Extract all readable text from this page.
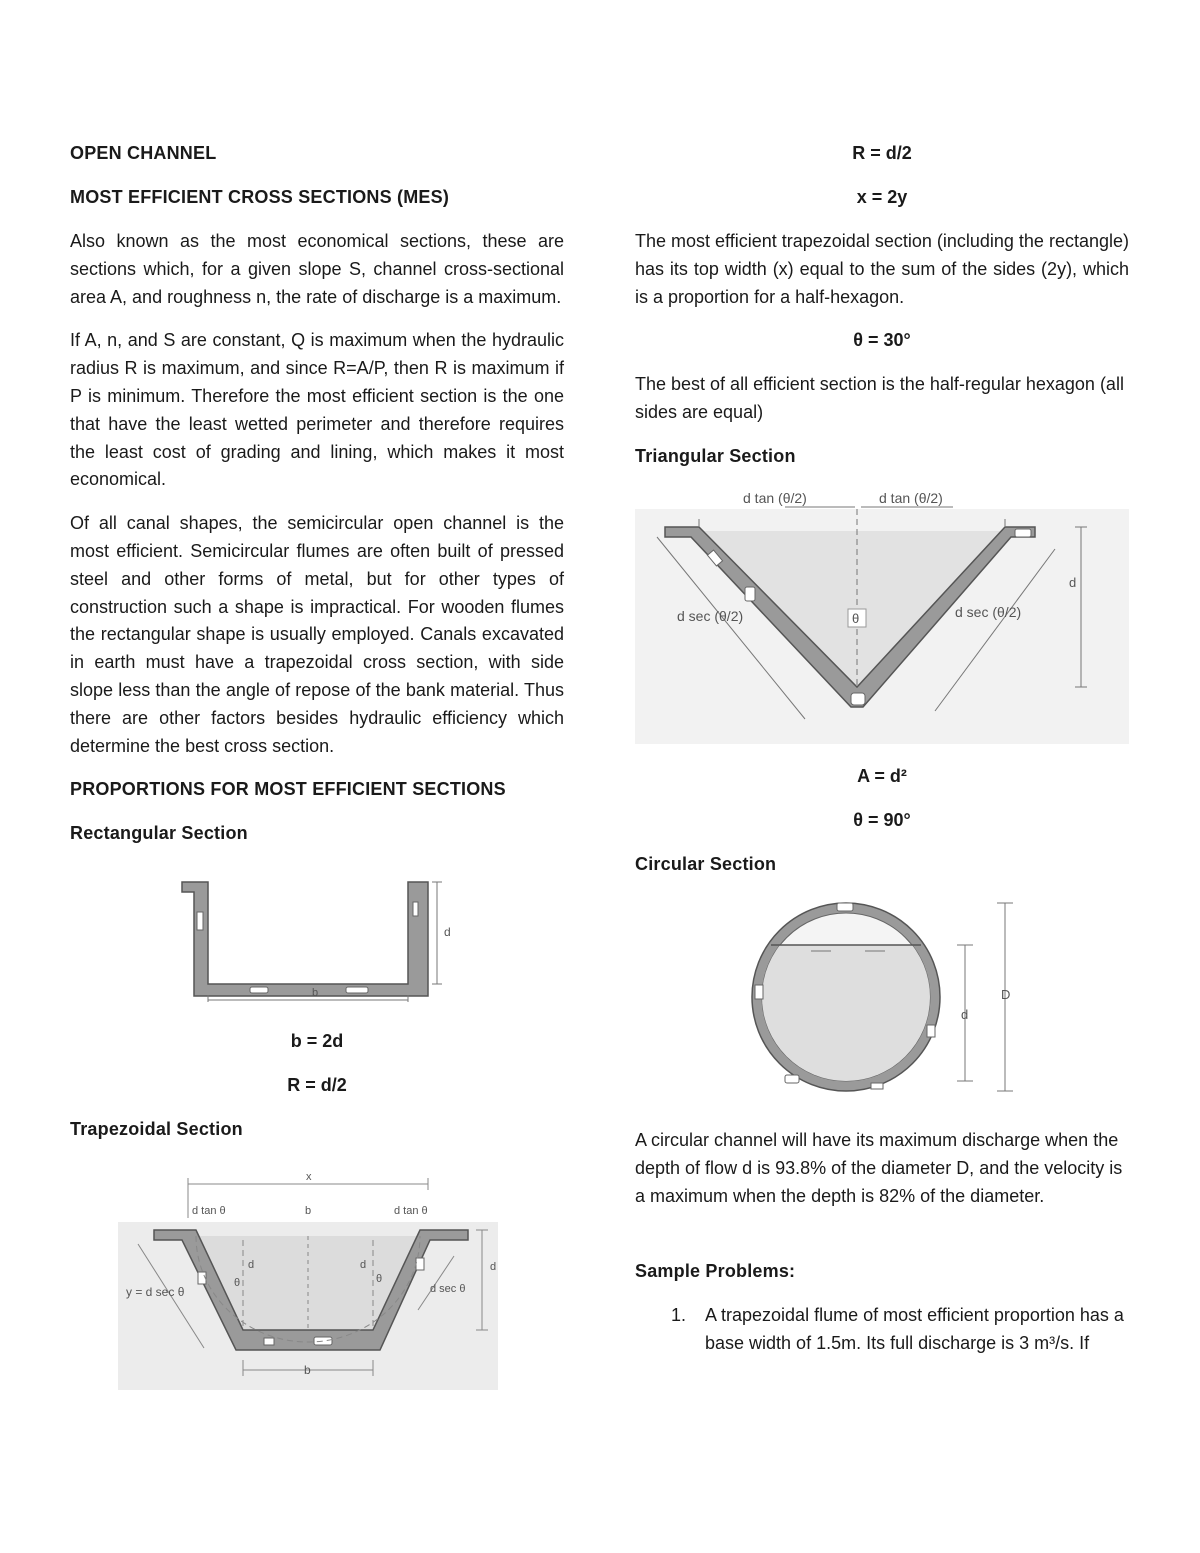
OPEN CHANNEL
MOST EFFICIENT CROSS SECTIONS (MES)

Also known as the most economical sections, these are sections which, for a given slope S, channel cross-sectional area A, and roughness n, the rate of discharge is a maximum.

If A, n, and S are constant, Q is maximum when the hydraulic radius R is maximum, and since R=A/P, then R is maximum if P is minimum. Therefore the most efficient section is the one that have the least wetted perimeter and therefore requires the least cost of grading and lining, which makes it most economical.

Of all canal shapes, the semicircular open channel is the most efficient. Semicircular flumes are often built of pressed steel and other forms of metal, but for other types of construction such a shape is impractical. For wooden flumes the rectangular shape is usually employed. Canals excavated in earth must have a trapezoidal cross section, with side slope less than the angle of repose of the bank material. Thus there are other factors besides hydraulic efficiency which determine the best cross section.

PROPORTIONS FOR MOST EFFICIENT SECTIONS
Rectangular Section
d
b
b = 2d
R = d/2
Trapezoidal Section
x
d tan θ	b	d tan θ
y = d sec θ	d sec θ
d	d	d
θ	θ
b
R = d/2
x = 2y

The most efficient trapezoidal section (including the rectangle) has its top width (x) equal to the sum of the sides (2y), which is a proportion for a half-hexagon.

θ = 30°

The best of all efficient section is the half-regular hexagon (all sides are equal)

Triangular Section
d tan (θ/2)	d tan (θ/2)
d sec (θ/2)	d sec (θ/2)
θ
d
A = d²
θ = 90°
Circular Section
d
D

A circular channel will have its maximum discharge when the depth of flow d is 93.8% of the diameter D, and the velocity is a maximum when the depth is 82% of the diameter.

Sample Problems:
1. A trapezoidal flume of most efficient proportion has a base width of 1.5m. Its full discharge is 3 m³/s. If
